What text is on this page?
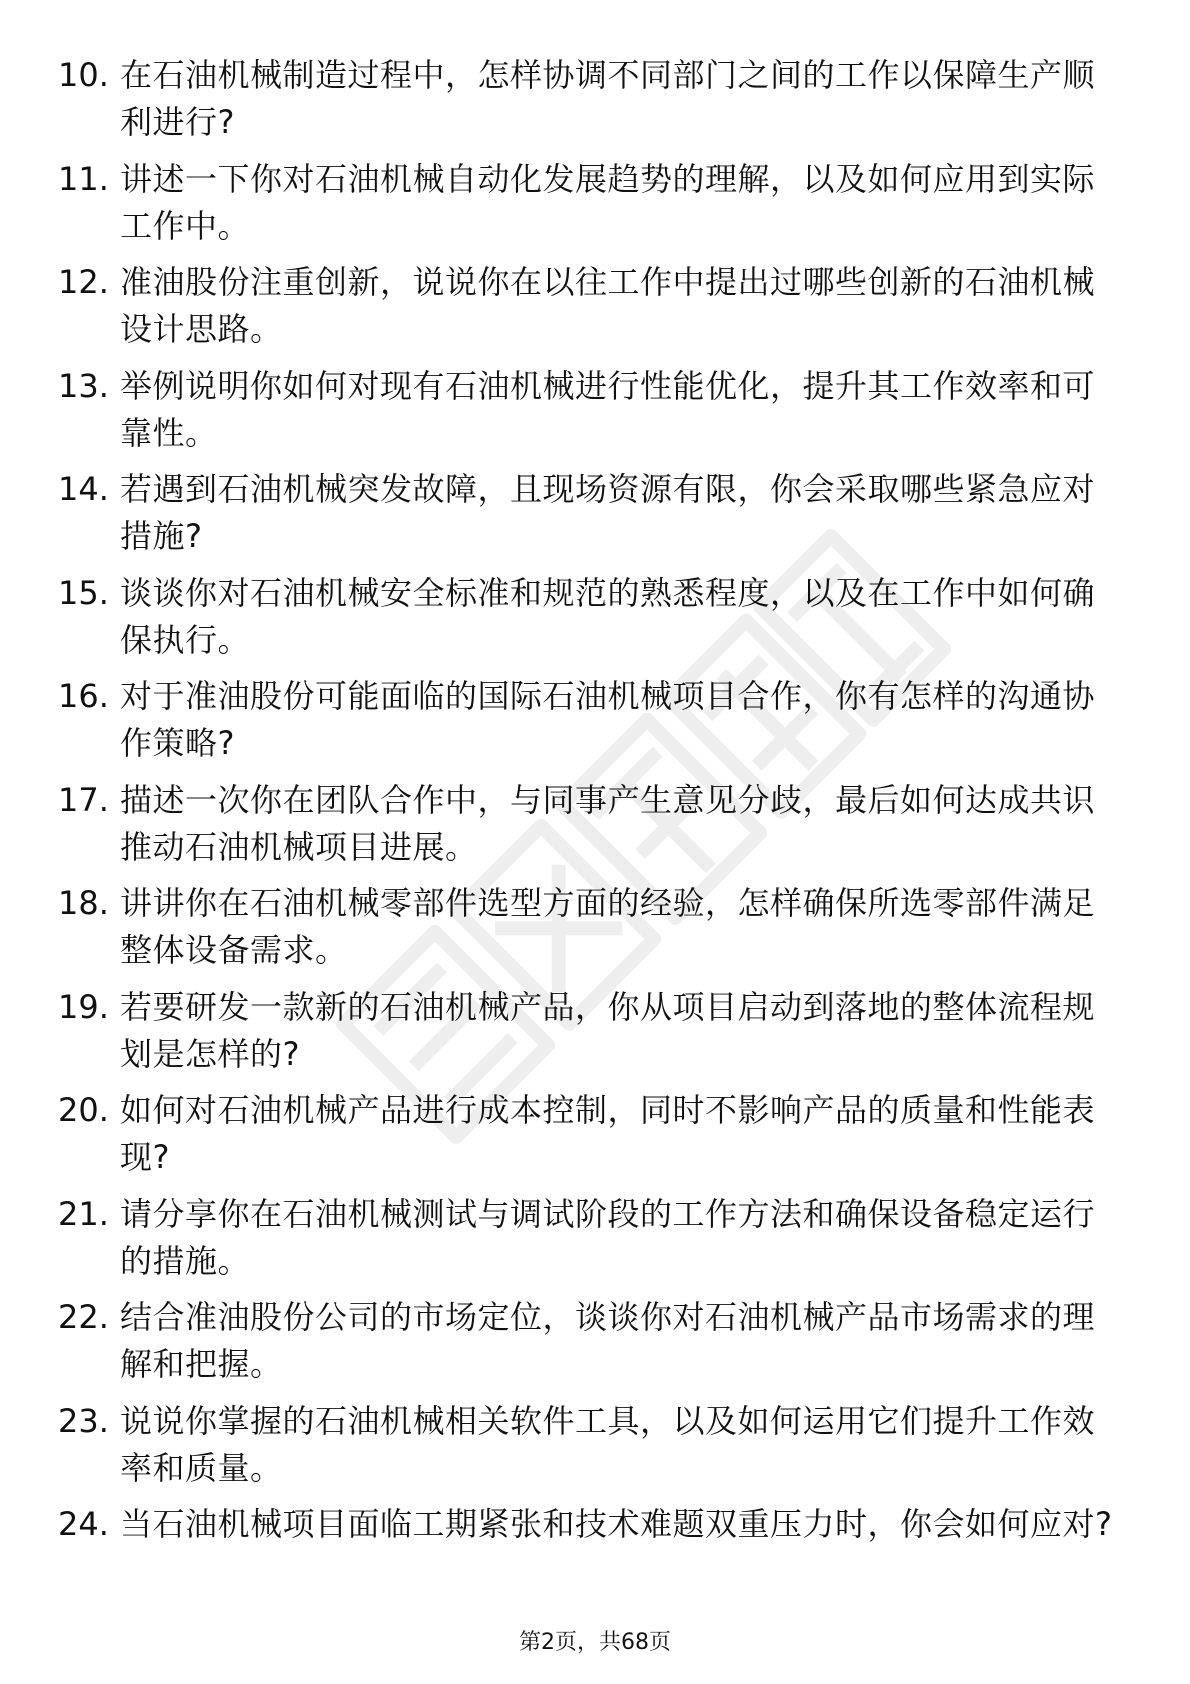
10. 在石油机械制造过程中，怎样协调不同部门之间的工作以保障生产顺利进行?
11. 讲述一下你对石油机械自动化发展趋势的理解，以及如何应用到实际工作中。
12. 准油股份注重创新，说说你在以往工作中提出过哪些创新的石油机械设计思路。
13. 举例说明你如何对现有石油机械进行性能优化，提升其工作效率和可靠性。
14. 若遇到石油机械突发故障，且现场资源有限，你会采取哪些紧急应对措施?
15. 谈谈你对石油机械安全标准和规范的熟悉程度，以及在工作中如何确保执行。
16. 对于准油股份可能面临的国际石油机械项目合作，你有怎样的沟通协作策略?
17. 描述一次你在团队合作中，与同事产生意见分歧，最后如何达成共识推动石油机械项目进展。
18. 讲讲你在石油机械零部件选型方面的经验，怎样确保所选零部件满足整体设备需求。
19. 若要研发一款新的石油机械产品，你从项目启动到落地的整体流程规划是怎样的?
20. 如何对石油机械产品进行成本控制，同时不影响产品的质量和性能表现?
21. 请分享你在石油机械测试与调试阶段的工作方法和确保设备稳定运行的措施。
22. 结合准油股份公司的市场定位，谈谈你对石油机械产品市场需求的理解和把握。
23. 说说你掌握的石油机械相关软件工具，以及如何运用它们提升工作效率和质量。
24. 当石油机械项目面临工期紧张和技术难题双重压力时，你会如何应对?
第2页，共68页
